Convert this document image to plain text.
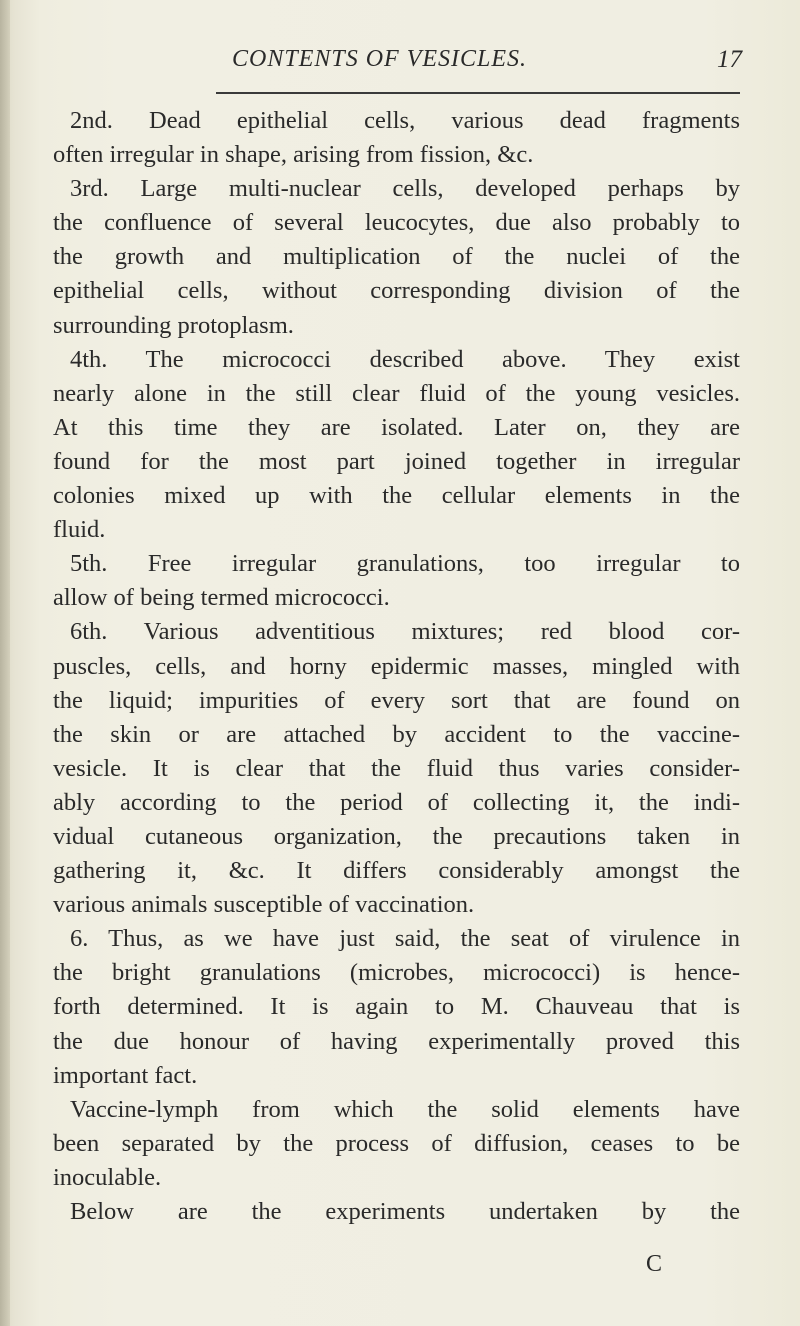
CONTENTS OF VESICLES.	17
2nd. Dead epithelial cells, various dead fragments
often irregular in shape, arising from fission, &c.
3rd. Large multi-nuclear cells, developed perhaps by
the confluence of several leucocytes, due also probably to
the growth and multiplication of the nuclei of the
epithelial cells, without corresponding division of the
surrounding protoplasm.
4th. The micrococci described above. They exist
nearly alone in the still clear fluid of the young vesicles.
At this time they are isolated. Later on, they are
found for the most part joined together in irregular
colonies mixed up with the cellular elements in the
fluid.
5th. Free irregular granulations, too irregular to
allow of being termed micrococci.
6th. Various adventitious mixtures; red blood cor-
puscles, cells, and horny epidermic masses, mingled with
the liquid; impurities of every sort that are found on
the skin or are attached by accident to the vaccine-
vesicle. It is clear that the fluid thus varies consider-
ably according to the period of collecting it, the indi-
vidual cutaneous organization, the precautions taken in
gathering it, &c. It differs considerably amongst the
various animals susceptible of vaccination.
6. Thus, as we have just said, the seat of virulence in
the bright granulations (microbes, micrococci) is hence-
forth determined. It is again to M. Chauveau that is
the due honour of having experimentally proved this
important fact.
Vaccine-lymph from which the solid elements have
been separated by the process of diffusion, ceases to be
inoculable.
Below are the experiments undertaken by the
C
